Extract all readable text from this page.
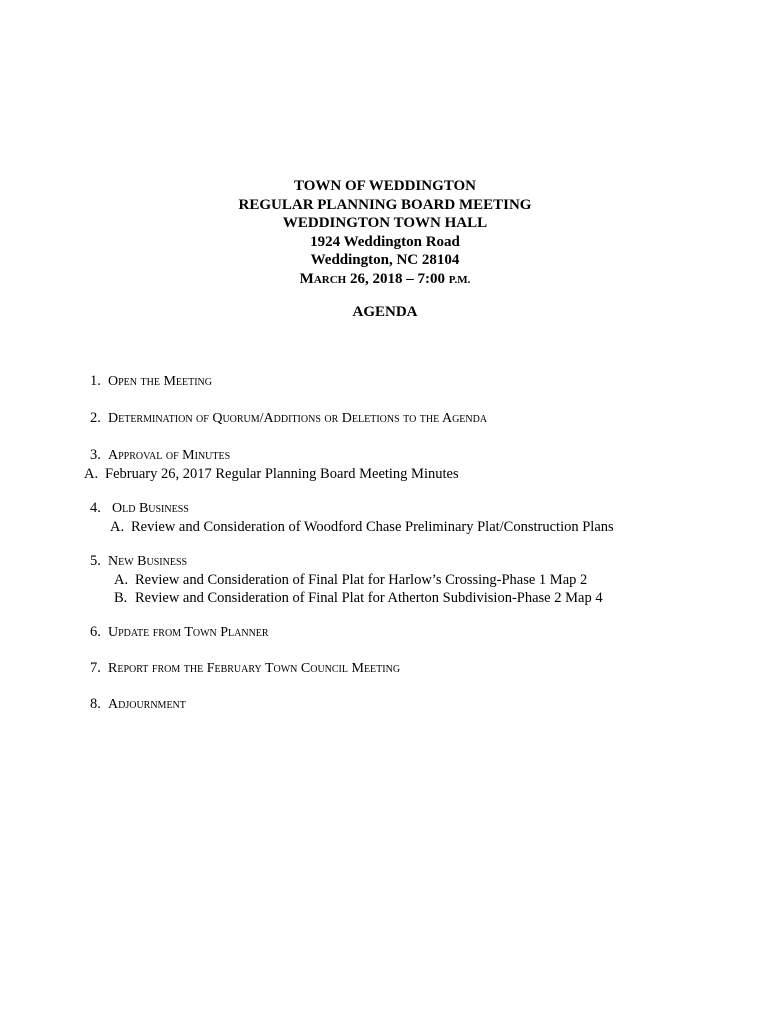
TOWN OF WEDDINGTON
REGULAR PLANNING BOARD MEETING
WEDDINGTON TOWN HALL
1924 Weddington Road
Weddington, NC 28104
MARCH 26, 2018 – 7:00 P.M.
AGENDA
1. Open the Meeting
2. Determination of Quorum/Additions or Deletions to the Agenda
3. Approval of Minutes
A. February 26, 2017 Regular Planning Board Meeting Minutes
4. Old Business
A. Review and Consideration of Woodford Chase Preliminary Plat/Construction Plans
5. New Business
A. Review and Consideration of Final Plat for Harlow’s Crossing-Phase 1 Map 2
B. Review and Consideration of Final Plat for Atherton Subdivision-Phase 2 Map 4
6. Update from Town Planner
7. Report from the February Town Council Meeting
8. Adjournment
